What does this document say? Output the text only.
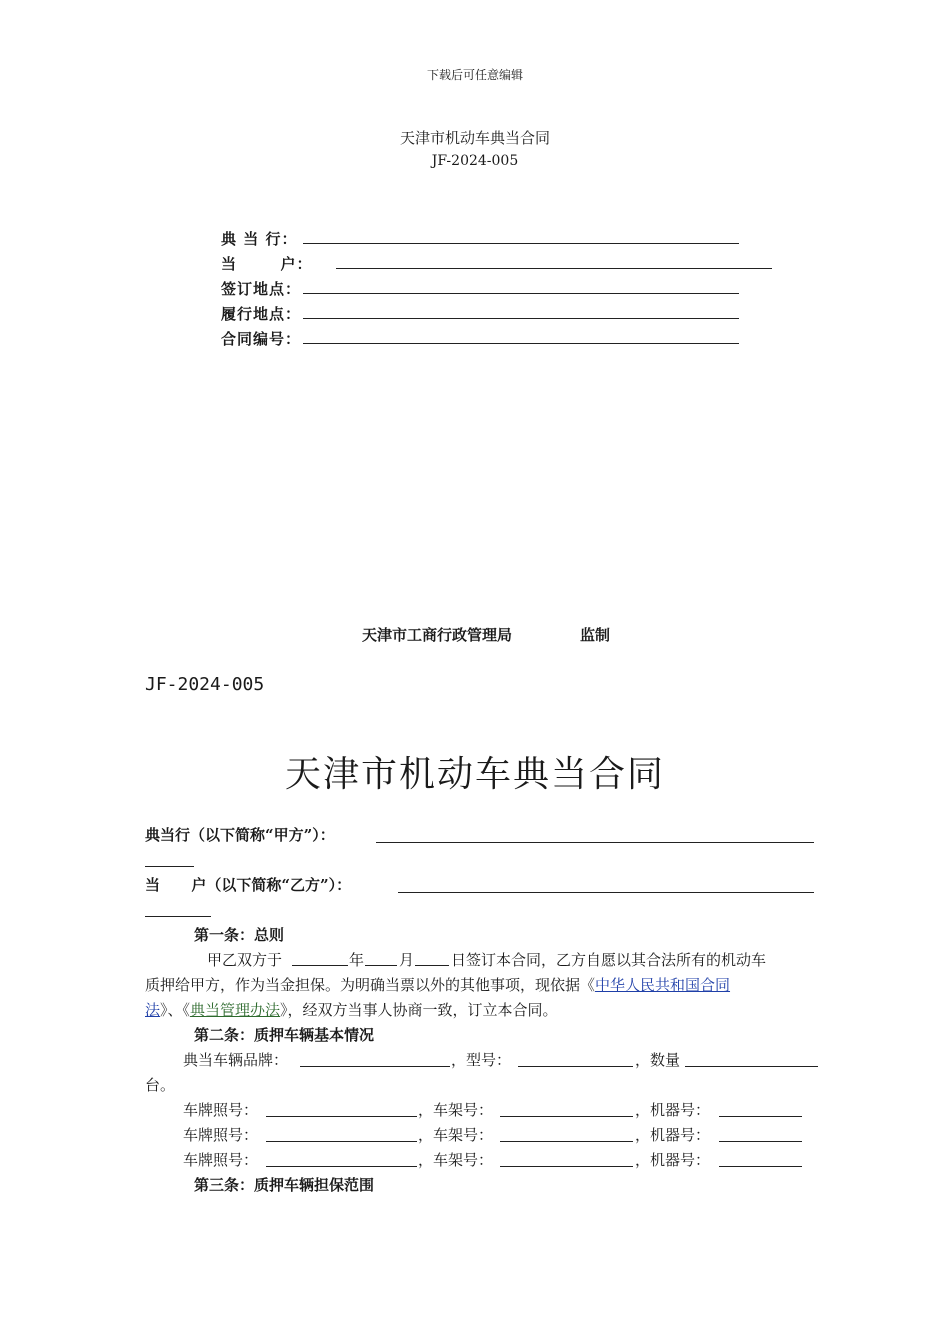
下载后可任意编辑
天津市机动车典当合同
JF-2024-005
典 当 行：
当       户：
签订地点：
履行地点：
合同编号：
天津市工商行政管理局	监制
JF-2024-005
天津市机动车典当合同
典当行（以下简称“甲方”）：
当      户（以下简称“乙方”）：
第一条：总则
甲乙双方于	年 月 日签订本合同，乙方自愿以其合法所有的机动车
质押给甲方，作为当金担保。为明确当票以外的其他事项，现依据《中华人民共和国合同
法》、《典当管理办法》，经双方当事人协商一致，订立本合同。
第二条：质押车辆基本情况
典当车辆品牌：	，型号：	，数量
台。
车牌照号：	，车架号：	，机器号：
车牌照号：	，车架号：	，机器号：
车牌照号：	，车架号：	，机器号：
第三条：质押车辆担保范围
